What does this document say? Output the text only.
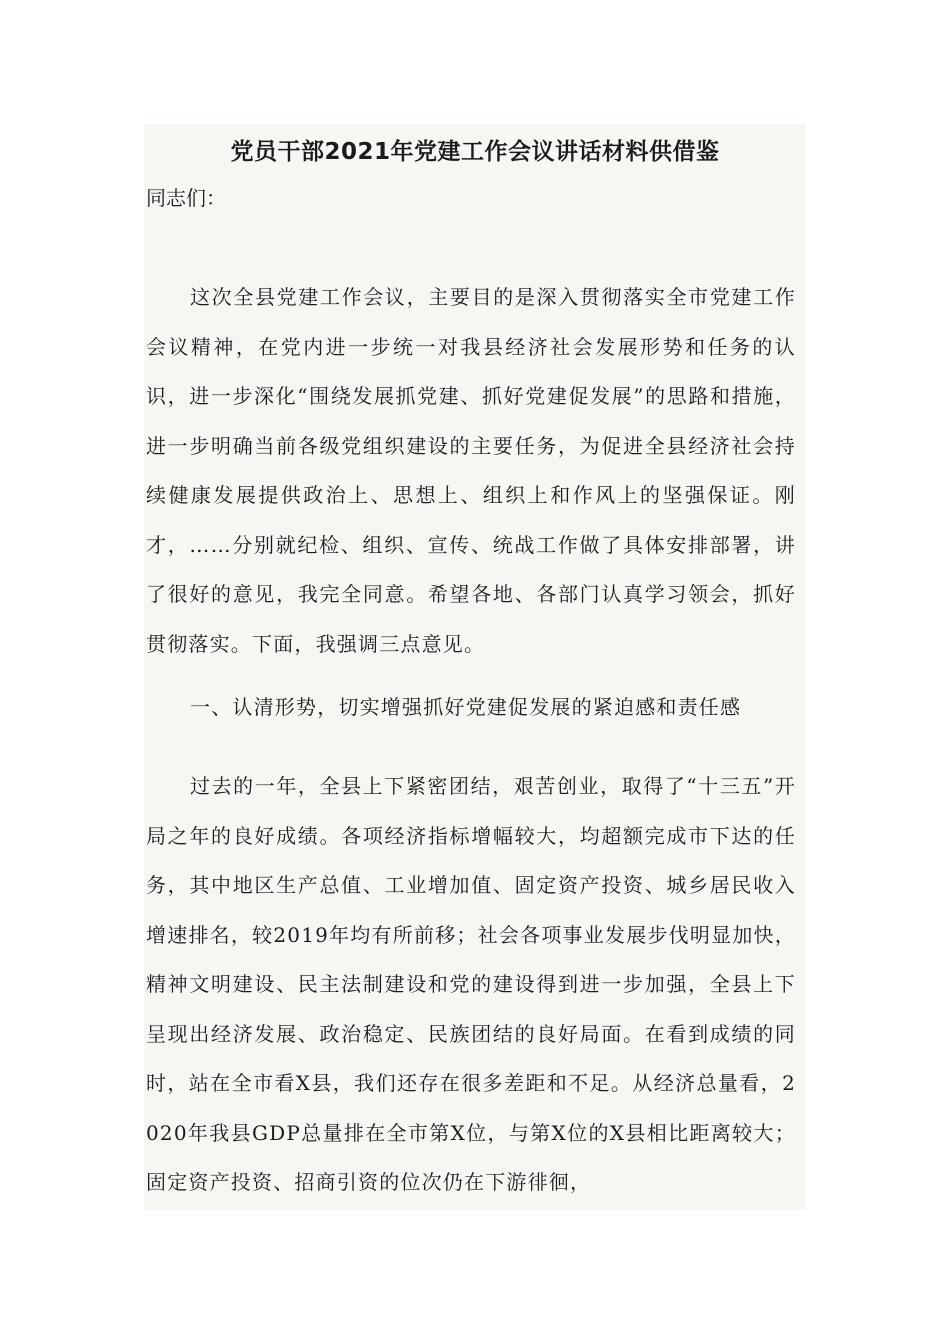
党员干部2021年党建工作会议讲话材料供借鉴

同志们：

这次全县党建工作会议，主要目的是深入贯彻落实全市党建工作会议精神，在党内进一步统一对我县经济社会发展形势和任务的认识，进一步深化“围绕发展抓党建、抓好党建促发展”的思路和措施，进一步明确当前各级党组织建设的主要任务，为促进全县经济社会持续健康发展提供政治上、思想上、组织上和作风上的坚强保证。刚才，……分别就纪检、组织、宣传、统战工作做了具体安排部署，讲了很好的意见，我完全同意。希望各地、各部门认真学习领会，抓好贯彻落实。下面，我强调三点意见。

一、认清形势，切实增强抓好党建促发展的紧迫感和责任感

过去的一年，全县上下紧密团结，艰苦创业，取得了“十三五”开局之年的良好成绩。各项经济指标增幅较大，均超额完成市下达的任务，其中地区生产总值、工业增加值、固定资产投资、城乡居民收入增速排名，较2019年均有所前移；社会各项事业发展步伐明显加快，精神文明建设、民主法制建设和党的建设得到进一步加强，全县上下呈现出经济发展、政治稳定、民族团结的良好局面。在看到成绩的同时，站在全市看X县，我们还存在很多差距和不足。从经济总量看，2020年我县GDP总量排在全市第X位，与第X位的X县相比距离较大；固定资产投资、招商引资的位次仍在下游徘徊，
